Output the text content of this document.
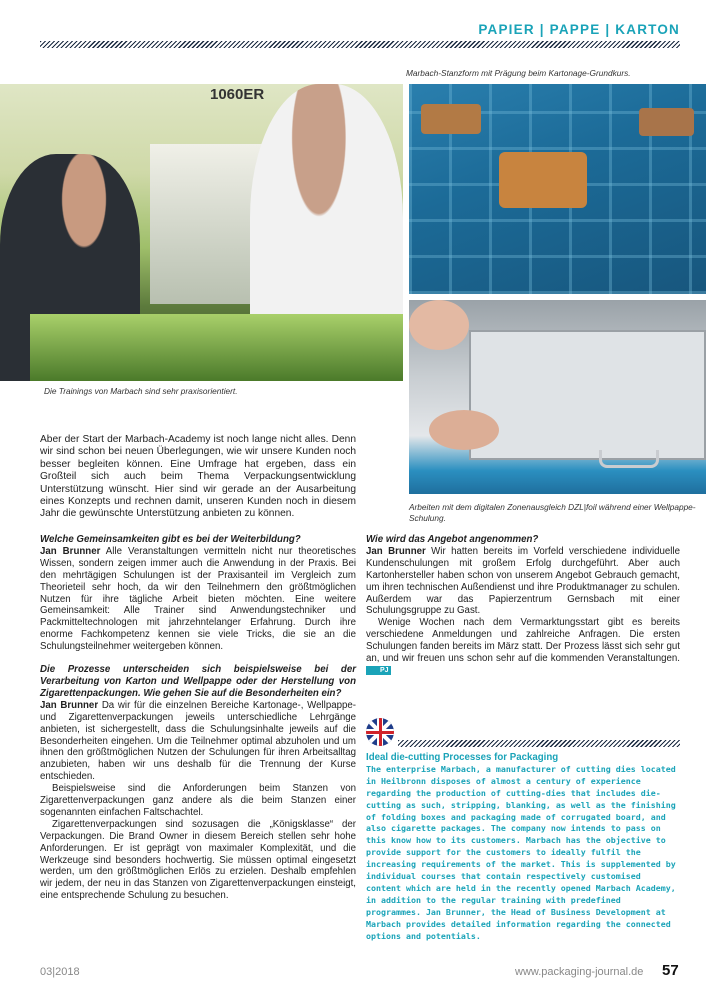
PAPIER | PAPPE | KARTON
Marbach-Stanzform mit Prägung beim Kartonage-Grundkurs.
1060ER
Die Trainings von Marbach sind sehr praxisorientiert.
Arbeiten mit dem digitalen Zonenausgleich DZL|foil während einer Wellpappe-Schulung.

Aber der Start der Marbach-Academy ist noch lange nicht alles. Denn wir sind schon bei neuen Überlegungen, wie wir unsere Kunden noch besser begleiten können. Eine Umfrage hat ergeben, dass ein Großteil sich auch beim Thema Verpackungsentwicklung Unterstützung wünscht. Hier sind wir gerade an der Ausarbeitung eines Konzepts und rechnen damit, unseren Kunden noch in diesem Jahr die gewünschte Unterstützung anbieten zu können.

Welche Gemeinsamkeiten gibt es bei der Weiterbildung?

Jan Brunner Alle Veranstaltungen vermitteln nicht nur theoretisches Wissen, sondern zeigen immer auch die Anwendung in der Praxis. Bei den mehrtägigen Schulungen ist der Praxisanteil im Vergleich zum Theorieteil sehr hoch, da wir den Teilnehmern den größtmöglichen Nutzen für ihre tägliche Arbeit bieten möchten. Eine weitere Gemeinsamkeit: Alle Trainer sind Anwendungstechniker und Packmitteltechnologen mit jahrzehntelanger Erfahrung. Durch ihre enorme Fachkompetenz kennen sie viele Tricks, die sie an die Schulungsteilnehmer weitergeben können.

Die Prozesse unterscheiden sich beispielsweise bei der Verarbeitung von Karton und Wellpappe oder der Herstellung von Zigarettenpackungen. Wie gehen Sie auf die Besonderheiten ein?

Jan Brunner Da wir für die einzelnen Bereiche Kartonage-, Wellpappe- und Zigarettenverpackungen jeweils unterschiedliche Lehrgänge anbieten, ist sichergestellt, dass die Schulungsinhalte jeweils auf die Besonderheiten eingehen. Um die Teilnehmer optimal abzuholen und um ihnen den größtmöglichen Nutzen der Schulungen für ihren Arbeitsalltag anzubieten, haben wir uns deshalb für die Trennung der Kurse entschieden.

Beispielsweise sind die Anforderungen beim Stanzen von Zigarettenverpackungen ganz andere als die beim Stanzen einer sogenannten einfachen Faltschachtel.

Zigarettenverpackungen sind sozusagen die „Königsklasse“ der Verpackungen. Die Brand Owner in diesem Bereich stellen sehr hohe Anforderungen. Er ist geprägt von maximaler Komplexität, und die Werkzeuge sind besonders hochwertig. Sie müssen optimal eingesetzt werden, um den größtmöglichen Erlös zu erzielen. Deshalb empfehlen wir jedem, der neu in das Stanzen von Zigarettenverpackungen einsteigt, eine entsprechende Schulung zu besuchen.

Wie wird das Angebot angenommen?

Jan Brunner Wir hatten bereits im Vorfeld verschiedene individuelle Kundenschulungen mit großem Erfolg durchgeführt. Aber auch Kartonhersteller haben schon von unserem Angebot Gebrauch gemacht, um ihren technischen Außendienst und ihre Produktmanager zu schulen. Außerdem war das Papierzentrum Gernsbach mit einer Schulungsgruppe zu Gast.

Wenige Wochen nach dem Vermarktungsstart gibt es bereits verschiedene Anmeldungen und zahlreiche Anfragen. Die ersten Schulungen fanden bereits im März statt. Der Prozess lässt sich sehr gut an, und wir freuen uns schon sehr auf die kommenden Veranstaltungen. PJ

Ideal die-cutting Processes for Packaging

The enterprise Marbach, a manufacturer of cutting dies located in Heilbronn disposes of almost a century of experience regarding the production of cutting-dies that includes die-cutting as such, stripping, blanking, as well as the finishing of folding boxes and packaging made of corrugated board, and also cigarette packages. The company now intends to pass on this know how to its customers. Marbach has the objective to provide support for the customers to ideally fulfil the increasing requirements of the market. This is supplemented by individual courses that contain respectively customised content which are held in the recently opened Marbach Academy, in addition to the regular training with predefined programmes. Jan Brunner, the Head of Business Development at Marbach provides detailed information regarding the connected options and potentials.

03|2018	www.packaging-journal.de 57
